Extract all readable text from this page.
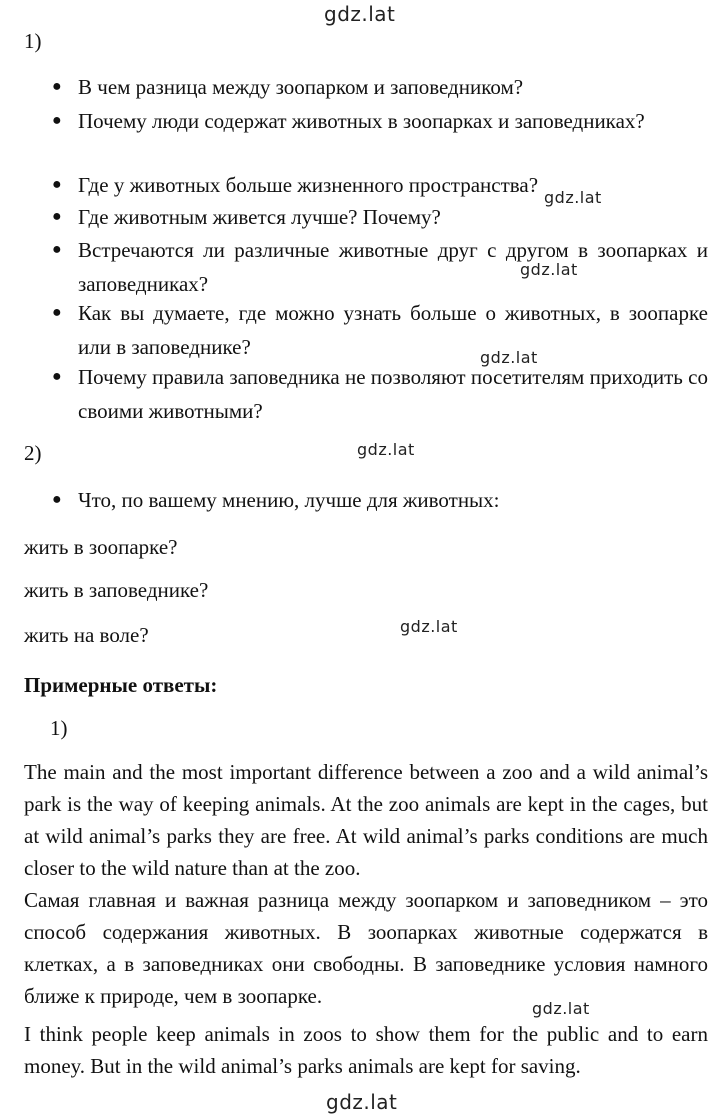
gdz.lat
gdz.lat
gdz.lat
gdz.lat
gdz.lat
gdz.lat
gdz.lat
gdz.lat
1)
● В чем разница между зоопарком и заповедником?
● Почему люди содержат животных в зоопарках и заповедниках?
● Где у животных больше жизненного пространства?
● Где животным живется лучше? Почему?
● Встречаются ли различные животные друг с другом в зоопарках и заповедниках?
● Как вы думаете, где можно узнать больше о животных, в зоопарке или в заповеднике?
● Почему правила заповедника не позволяют посетителям приходить со своими животными?
2)
● Что, по вашему мнению, лучше для животных:
жить в зоопарке?
жить в заповеднике?
жить на воле?
Примерные ответы:
1)
The main and the most important difference between a zoo and a wild animal’s park is the way of keeping animals. At the zoo animals are kept in the cages, but at wild animal’s parks they are free. At wild animal’s parks conditions are much closer to the wild nature than at the zoo.
Самая главная и важная разница между зоопарком и заповедником – это способ содержания животных. В зоопарках животные содержатся в клетках, а в заповедниках они свободны. В заповеднике условия намного ближе к природе, чем в зоопарке.
I think people keep animals in zoos to show them for the public and to earn money. But in the wild animal’s parks animals are kept for saving.
